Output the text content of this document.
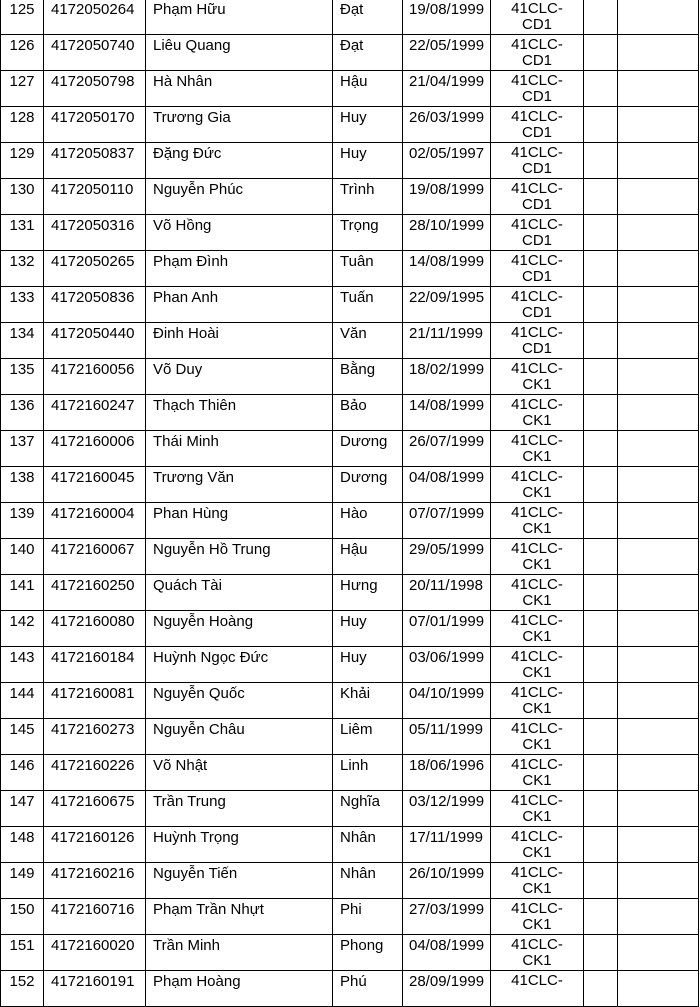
125	4172050264	Phạm Hữu	Đạt	19/08/1999	41CLC-
CD1		

126	4172050740	Liêu Quang	Đạt	22/05/1999	41CLC-
CD1		

127	4172050798	Hà Nhân	Hậu	21/04/1999	41CLC-
CD1		

128	4172050170	Trương Gia	Huy	26/03/1999	41CLC-
CD1		

129	4172050837	Đặng Đức	Huy	02/05/1997	41CLC-
CD1		

130	4172050110	Nguyễn Phúc	Trình	19/08/1999	41CLC-
CD1		

131	4172050316	Võ Hồng	Trọng	28/10/1999	41CLC-
CD1		

132	4172050265	Phạm Đình	Tuân	14/08/1999	41CLC-
CD1		

133	4172050836	Phan Anh	Tuấn	22/09/1995	41CLC-
CD1		

134	4172050440	Đinh Hoài	Văn	21/11/1999	41CLC-
CD1		

135	4172160056	Võ Duy	Bằng	18/02/1999	41CLC-
CK1		

136	4172160247	Thạch Thiên	Bảo	14/08/1999	41CLC-
CK1		

137	4172160006	Thái Minh	Dương	26/07/1999	41CLC-
CK1		

138	4172160045	Trương Văn	Dương	04/08/1999	41CLC-
CK1		

139	4172160004	Phan Hùng	Hào	07/07/1999	41CLC-
CK1		

140	4172160067	Nguyễn Hồ Trung	Hậu	29/05/1999	41CLC-
CK1		

141	4172160250	Quách Tài	Hưng	20/11/1998	41CLC-
CK1		

142	4172160080	Nguyễn Hoàng	Huy	07/01/1999	41CLC-
CK1		

143	4172160184	Huỳnh Ngọc Đức	Huy	03/06/1999	41CLC-
CK1		

144	4172160081	Nguyễn Quốc	Khải	04/10/1999	41CLC-
CK1		

145	4172160273	Nguyễn Châu	Liêm	05/11/1999	41CLC-
CK1		

146	4172160226	Võ Nhật	Linh	18/06/1996	41CLC-
CK1		

147	4172160675	Trần Trung	Nghĩa	03/12/1999	41CLC-
CK1		

148	4172160126	Huỳnh Trọng	Nhân	17/11/1999	41CLC-
CK1		

149	4172160216	Nguyễn Tiến	Nhân	26/10/1999	41CLC-
CK1		

150	4172160716	Phạm Trần Nhựt	Phi	27/03/1999	41CLC-
CK1		

151	4172160020	Trần Minh	Phong	04/08/1999	41CLC-
CK1		

152	4172160191	Phạm Hoàng	Phú	28/09/1999	41CLC-		
